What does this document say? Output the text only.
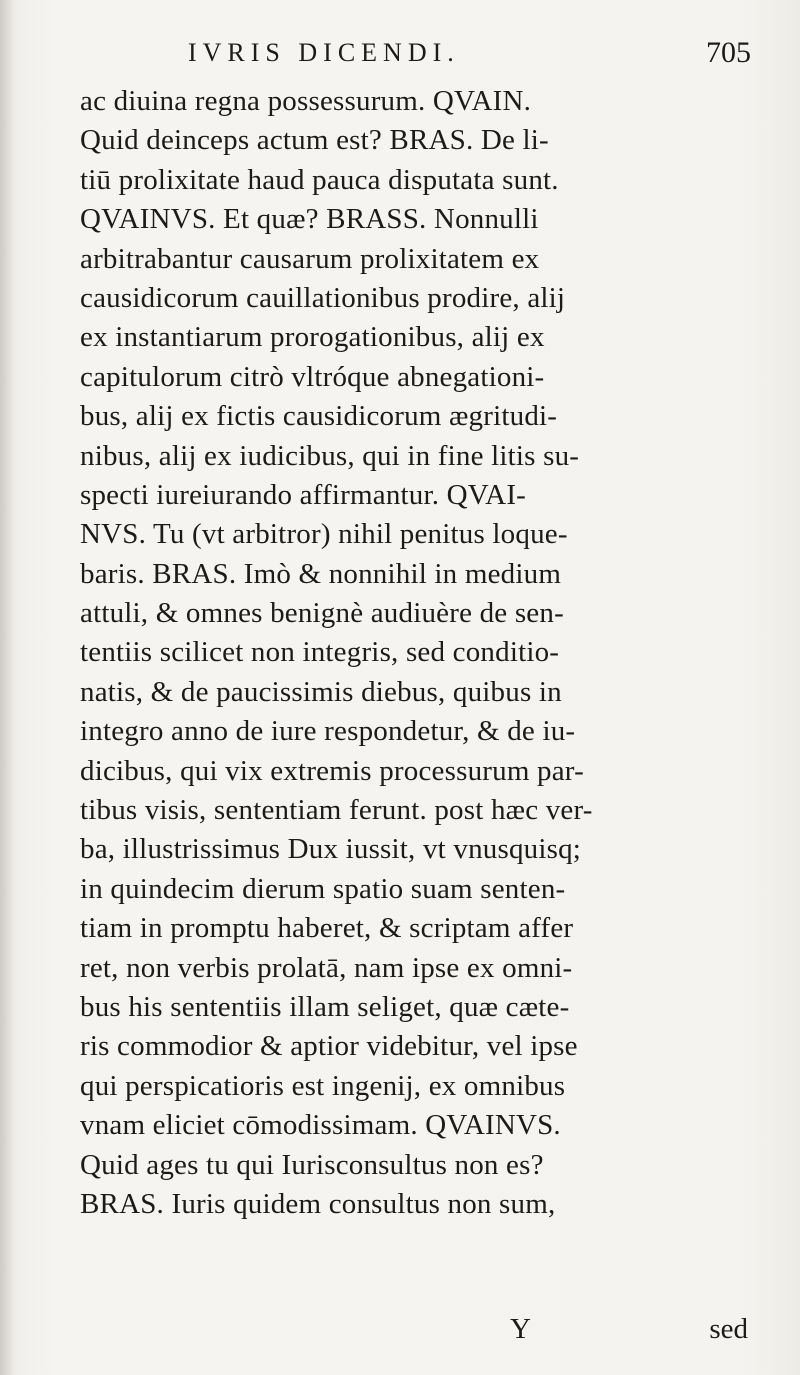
IVRIS DICENDI.	705
ac diuina regna possessurum. QVAIN.
Quid deinceps actum est? BRAS. De li-
tiū prolixitate haud pauca disputata sunt.
QVAINVS. Et quæ? BRASS. Nonnulli
arbitrabantur causarum prolixitatem ex
causidicorum cauillationibus prodire, alij
ex instantiarum prorogationibus, alij ex
capitulorum citrò vltróque abnegationi-
bus, alij ex fictis causidicorum ægritudi-
nibus, alij ex iudicibus, qui in fine litis su-
specti iureiurando affirmantur. QVAI-
NVS. Tu (vt arbitror) nihil penitus loque-
baris. BRAS. Imò & nonnihil in medium
attuli, & omnes benignè audiuère de sen-
tentiis scilicet non integris, sed conditio-
natis, & de paucissimis diebus, quibus in
integro anno de iure respondetur, & de iu-
dicibus, qui vix extremis processurum par-
tibus visis, sententiam ferunt. post hæc ver-
ba, illustrissimus Dux iussit, vt vnusquisq;
in quindecim dierum spatio suam senten-
tiam in promptu haberet, & scriptam affer
ret, non verbis prolatā, nam ipse ex omni-
bus his sententiis illam seliget, quæ cæte-
ris commodior & aptior videbitur, vel ipse
qui perspicatioris est ingenij, ex omnibus
vnam eliciet cōmodissimam. QVAINVS.
Quid ages tu qui Iurisconsultus non es?
BRAS. Iuris quidem consultus non sum,
Y	sed
